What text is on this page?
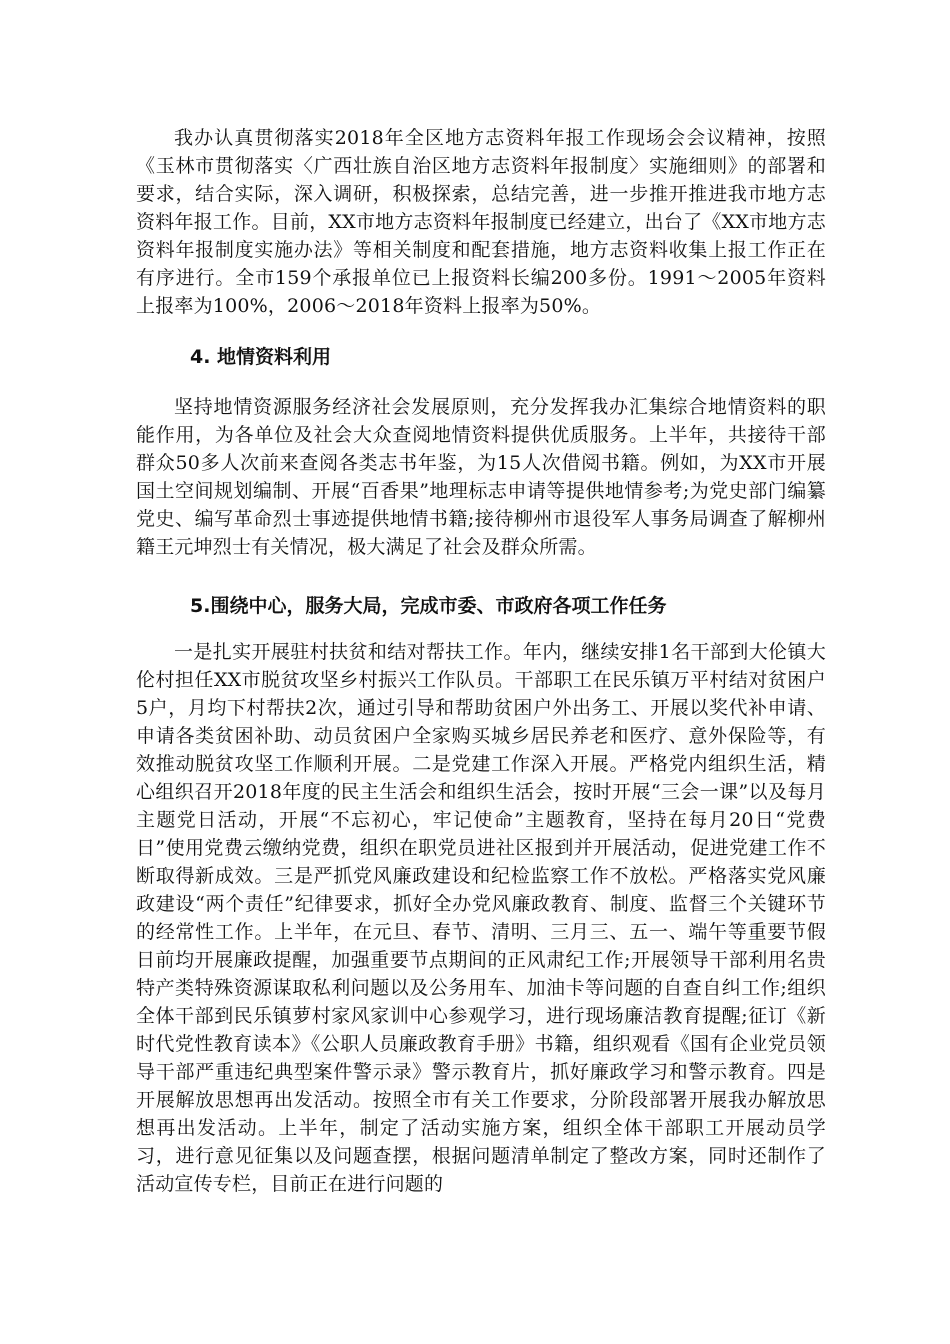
我办认真贯彻落实2018年全区地方志资料年报工作现场会会议精神，按照《玉林市贯彻落实〈广西壮族自治区地方志资料年报制度〉实施细则》的部署和要求，结合实际，深入调研，积极探索，总结完善，进一步推开推进我市地方志资料年报工作。目前，XX市地方志资料年报制度已经建立，出台了《XX市地方志资料年报制度实施办法》等相关制度和配套措施，地方志资料收集上报工作正在有序进行。全市159个承报单位已上报资料长编200多份。1991～2005年资料上报率为100%，2006～2018年资料上报率为50%。

4. 地情资料利用

坚持地情资源服务经济社会发展原则，充分发挥我办汇集综合地情资料的职能作用，为各单位及社会大众查阅地情资料提供优质服务。上半年，共接待干部群众50多人次前来查阅各类志书年鉴，为15人次借阅书籍。例如，为XX市开展国土空间规划编制、开展“百香果”地理标志申请等提供地情参考;为党史部门编纂党史、编写革命烈士事迹提供地情书籍;接待柳州市退役军人事务局调查了解柳州籍王元坤烈士有关情况，极大满足了社会及群众所需。

5.围绕中心，服务大局，完成市委、市政府各项工作任务

一是扎实开展驻村扶贫和结对帮扶工作。年内，继续安排1名干部到大伦镇大伦村担任XX市脱贫攻坚乡村振兴工作队员。干部职工在民乐镇万平村结对贫困户5户，月均下村帮扶2次，通过引导和帮助贫困户外出务工、开展以奖代补申请、申请各类贫困补助、动员贫困户全家购买城乡居民养老和医疗、意外保险等，有效推动脱贫攻坚工作顺利开展。二是党建工作深入开展。严格党内组织生活，精心组织召开2018年度的民主生活会和组织生活会，按时开展“三会一课”以及每月主题党日活动，开展“不忘初心，牢记使命”主题教育，坚持在每月20日“党费日”使用党费云缴纳党费，组织在职党员进社区报到并开展活动，促进党建工作不断取得新成效。三是严抓党风廉政建设和纪检监察工作不放松。严格落实党风廉政建设“两个责任”纪律要求，抓好全办党风廉政教育、制度、监督三个关键环节的经常性工作。上半年，在元旦、春节、清明、三月三、五一、端午等重要节假日前均开展廉政提醒，加强重要节点期间的正风肃纪工作;开展领导干部利用名贵特产类特殊资源谋取私利问题以及公务用车、加油卡等问题的自查自纠工作;组织全体干部到民乐镇萝村家风家训中心参观学习，进行现场廉洁教育提醒;征订《新时代党性教育读本》《公职人员廉政教育手册》书籍，组织观看《国有企业党员领导干部严重违纪典型案件警示录》警示教育片，抓好廉政学习和警示教育。四是开展解放思想再出发活动。按照全市有关工作要求，分阶段部署开展我办解放思想再出发活动。上半年，制定了活动实施方案，组织全体干部职工开展动员学习，进行意见征集以及问题查摆，根据问题清单制定了整改方案，同时还制作了活动宣传专栏，目前正在进行问题的
